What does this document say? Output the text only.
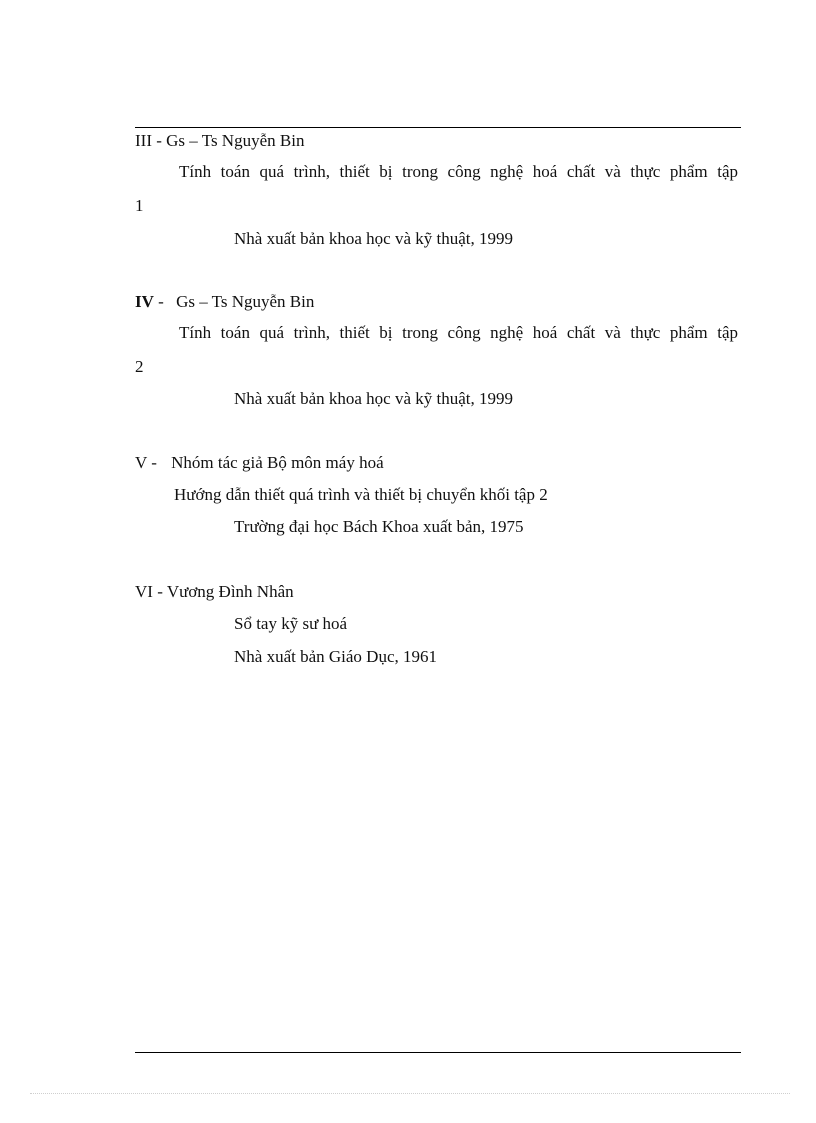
III - Gs – Ts Nguyễn Bin
Tính toán quá trình, thiết bị trong công nghệ hoá chất và thực phẩm tập
1
Nhà xuất bản khoa học và kỹ thuật, 1999
IV - Gs – Ts Nguyễn Bin
Tính toán quá trình, thiết bị trong công nghệ hoá chất và thực phẩm tập
2
Nhà xuất bản khoa học và kỹ thuật, 1999
V - Nhóm tác giả Bộ môn máy hoá
Hướng dẫn thiết quá trình và thiết bị chuyển khối tập 2
Trường đại học Bách Khoa xuất bản, 1975
VI - Vương Đình Nhân
Sổ tay kỹ sư hoá
Nhà xuất bản Giáo Dục, 1961
